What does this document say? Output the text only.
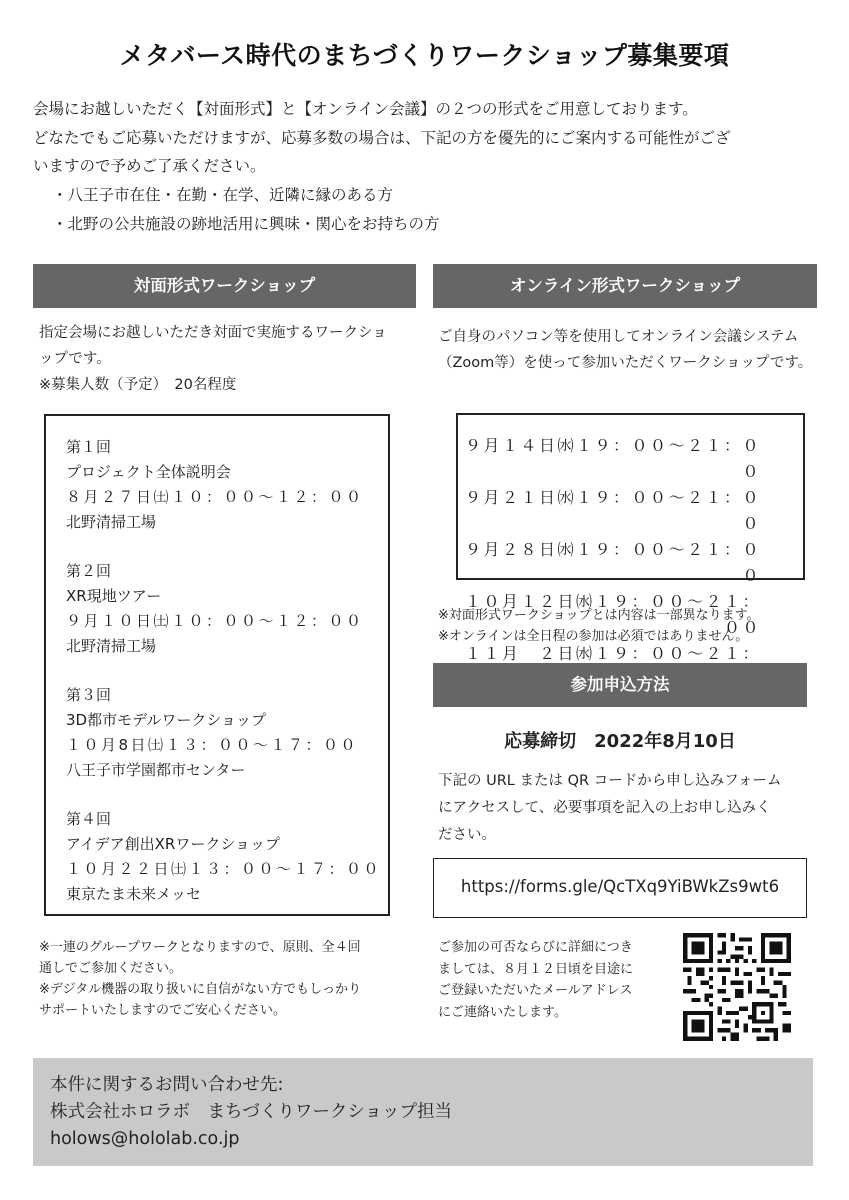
メタバース時代のまちづくりワークショップ募集要項

会場にお越しいただく【対面形式】と【オンライン会議】の２つの形式をご用意しております。

どなたでもご応募いただけますが、応募多数の場合は、下記の方を優先的にご案内する可能性がござ

いますので予めご了承ください。

・八王子市在住・在勤・在学、近隣に縁のある方
・北野の公共施設の跡地活用に興味・関心をお持ちの方
対面形式ワークショップ
指定会場にお越しいただき対面で実施するワークショ
ップです。
※募集人数（予定）　20名程度
第１回
プロジェクト全体説明会
８月２７日㈯１０：００～１２：００
北野清掃工場
第２回
XR現地ツアー
９月１０日㈯１０：００～１２：００
北野清掃工場
第３回
3D都市モデルワークショップ
１０月8日㈯１３：００～１７：００
八王子市学園都市センター
第４回
アイデア創出XRワークショップ
１０月２２日㈯１３：００～１７：００
東京たま未来メッセ
※一連のグループワークとなりますので、原則、全４回
通しでご参加ください。
※デジタル機器の取り扱いに自信がない方でもしっかり
サポートいたしますのでご安心ください。
オンライン形式ワークショップ
ご自身のパソコン等を使用してオンライン会議システム
（Zoom等）を使って参加いただくワークショップです。
９月１４日㈬１９：００～２１：００
９月２１日㈬１９：００～２１：００
９月２８日㈬１９：００～２１：００
１０月１２日㈬１９：００～２１：００
１１月　２日㈬１９：００～２１：
※対面形式ワークショップとは内容は一部異なります。
※オンラインは全日程の参加は必須ではありません。
参加申込方法
応募締切　2022年8月10日
下記の URL または QR コードから申し込みフォーム
にアクセスして、必要事項を記入の上お申し込みく
ださい。
https://forms.gle/QcTXq9YiBWkZs9wt6
ご参加の可否ならびに詳細につき
ましては、８月１２日頃を目途に
ご登録いただいたメールアドレス
にご連絡いたします。
本件に関するお問い合わせ先:
株式会社ホロラボ　まちづくりワークショップ担当
holows@hololab.co.jp
